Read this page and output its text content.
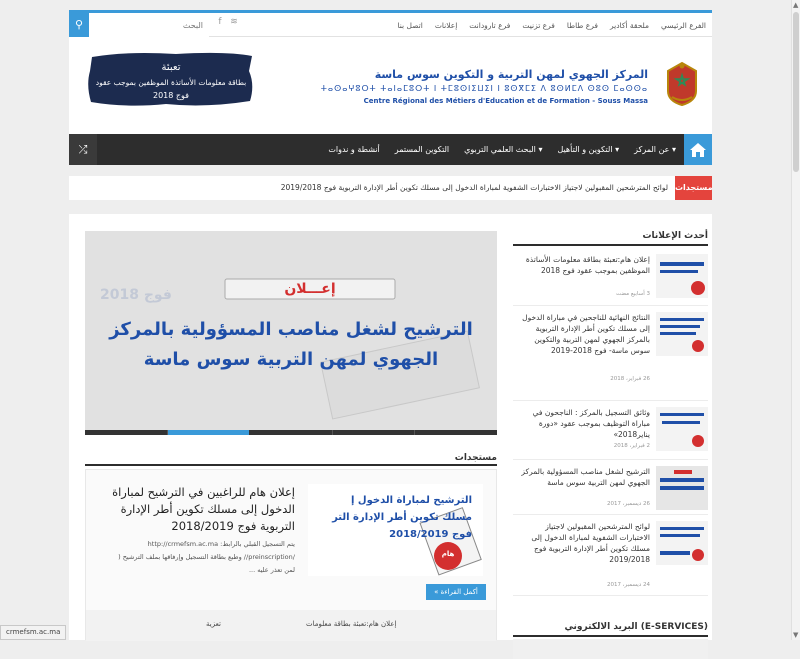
⚲
البحث	f ≋	الفرع الرئيسي
ملحقة أكادير
فرع طاطا
فرع تزنيت
فرع تارودانت
إعلانات
اتصل بنا
المركز الجهوي لمهن التربية و التكوين سوس ماسة
ⵜⴰⵙⴰⵖⵓⵔⵜ ⵜⴰⵏⴰⵎⵓⵔⵜ ⵏ ⵜⵎⵓⵙⵏⵉⵡⵉⵏ ⵏ ⵓⵙⴳⵎⵉ ⴷ ⵓⵙⵍⵎⴷ ⵙⵓⵙ ⵎⴰⵙⵙⴰ
Centre Régional des Métiers d'Education et de Formation - Souss Massa
تعبئة
بطاقة معلومات الأساتذة الموظفين بموجب عقود
فوج 2018
⤮	عن المركز ▾
التكوين و التأهيل ▾
البحث العلمي التربوي ▾
التكوين المستمر
أنشطة و ندوات
مستجدات
لوائح المترشحين المقبولين لاجتياز الاختبارات الشفوية لمباراة الدخول إلى مسلك تكوين أطر الإدارة التربوية فوج 2019/2018
فوج 2018	إعـــلان
الترشيح لشغل مناصب المسؤولية بالمركز
الجهوي لمهن التربية سوس ماسة
مستجدات
الترشيح لمباراة الدخول إ
مسلك تكوين أطر الإدارة التر
فوج 2018/2019
هام
إعلان هام للراغبين في الترشيح لمباراة الدخول إلى مسلك تكوين أطر الإدارة التربوية فوج 2018/2019
يتم التسجيل القبلي بالرابط: http://crmefsm.ac.ma
/preinscription// وطبع بطاقة التسجيل وإرفاقها بملف الترشيح (
لمن تعذر عليه ...
أكمل القراءة »
إعلان هام:تعبئة بطاقة معلومات
تعزية
أحدث الإعلانات
إعلان هام:تعبئة بطاقة معلومات الأساتذة الموظفين بموجب عقود فوج 2018
3 أسابيع مضت
النتائج النهائية للناجحين في مباراة الدخول إلى مسلك تكوين أطر الإدارة التربوية بالمركز الجهوي لمهن التربية والتكوين سوس ماسة- فوج 2018-2019
26 فبراير، 2018
وثائق التسجيل بالمركز : الناجحون في مباراة التوظيف بموجب عقود «دورة يناير2018»
2 فبراير، 2018
الترشيح لشغل مناصب المسؤولية بالمركز الجهوي لمهن التربية سوس ماسة
26 ديسمبر، 2017
لوائح المترشحين المقبولين لاجتياز الاختبارات الشفوية لمباراة الدخول إلى مسلك تكوين أطر الإدارة التربوية فوج 2019/2018
24 ديسمبر، 2017
البريد الالكتروني (E-SERVICES)
▲
▼
crmefsm.ac.ma
